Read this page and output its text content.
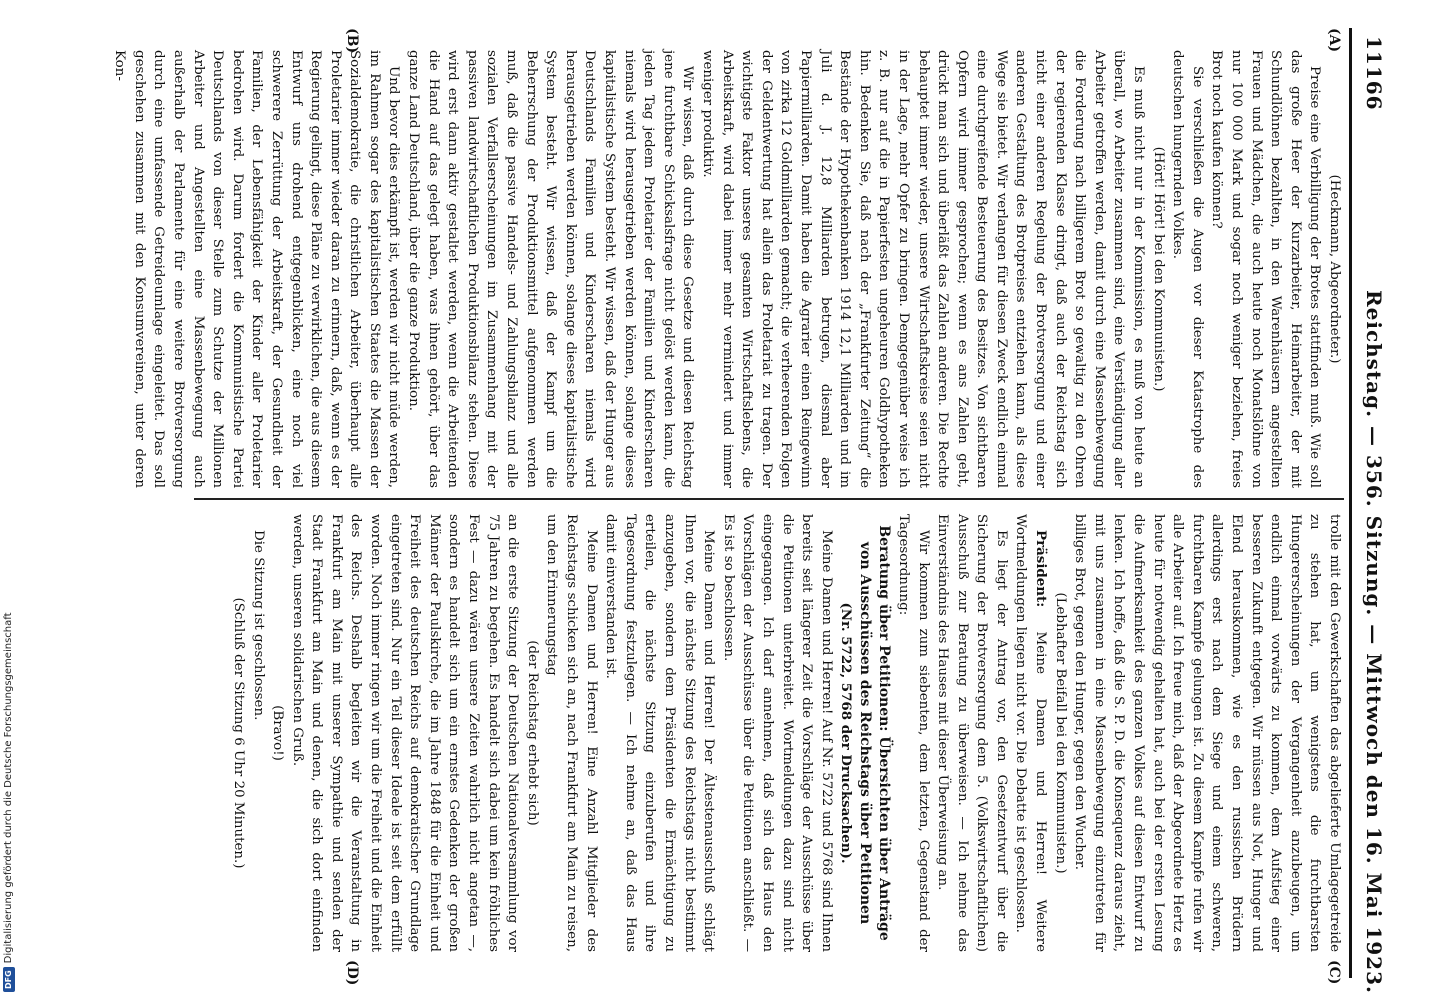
DFGDigitalisierung gefördert durch die Deutsche Forschungsgemeinschaft
11166
Reichstag. — 356. Sitzung. — Mittwoch den 16. Mai 1923.
(A)
(B)
(C)
(D)

(Heckmann, Abgeordneter.)

Preise eine Verbilligung der Brotes stattfinden muß. Wie soll das große Heer der Kurzarbeiter, Heimarbeiter, der mit Schundlöhnen bezahlten, in den Warenhäusern angestellten Frauen und Mädchen, die auch heute noch Monatslöhne von nur 100 000 Mark und sogar noch weniger beziehen, freies Brot noch kaufen können?

Sie verschließen die Augen vor dieser Katastrophe des deutschen hungernden Volkes.

(Hört! Hört! bei den Kommunisten.)

Es muß nicht nur in der Kommission, es muß von heute an überall, wo Arbeiter zusammen sind, eine Verständigung aller Arbeiter getroffen werden, damit durch eine Massenbewegung die Forderung nach billigerem Brot so gewaltig zu den Ohren der regierenden Klasse dringt, daß auch der Reichstag sich nicht einer anderen Regelung der Brotversorgung und einer anderen Gestaltung des Brotpreises entziehen kann, als diese Wege sie bietet. Wir verlangen für diesen Zweck endlich einmal eine durchgreifende Besteuerung des Besitzes. Von sichtbaren Opfern wird immer gesprochen; wenn es ans Zahlen geht, drückt man sich und überläßt das Zahlen anderen. Die Rechte behauptet immer wieder, unsere Wirtschaftskreise seien nicht in der Lage, mehr Opfer zu bringen. Demgegenüber weise ich z. B. nur auf die in Papierfesten ungeheuren Goldhypotheken hin. Bedenken Sie, daß nach der „Frankfurter Zeitung“ die Bestände der Hypothekenbanken 1914 12,1 Milliarden und im Juli d. J. 12,8 Milliarden betrugen, diesmal aber Papiermilliarden. Damit haben die Agrarier einen Reingewinn von zirka 12 Goldmilliarden gemacht; die verheerenden Folgen der Geldentwertung hat allein das Proletariat zu tragen. Der wichtigste Faktor unseres gesamten Wirtschaftslebens, die Arbeitskraft, wird dabei immer mehr vermindert und immer weniger produktiv.

Wir wissen, daß durch diese Gesetze und diesen Reichstag jene furchtbare Schicksalsfrage nicht gelöst werden kann, die jeden Tag jedem Proletarier der Familien und Kinderscharen niemals wird herausgetrieben werden können, solange dieses kapitalistische System besteht. Wir wissen, daß der Hunger aus Deutschlands Familien und Kinderscharen niemals wird herausgetrieben werden können, solange dieses kapitalistische System besteht. Wir wissen, daß der Kampf um die Beherrschung der Produktionsmittel aufgenommen werden muß, daß die passive Handels- und Zahlungsbilanz und alle sozialen Verfallserscheinungen im Zusammenhang mit der passiven landwirtschaftlichen Produktionsbilanz stehen. Diese wird erst dann aktiv gestaltet werden, wenn die Arbeitenden die Hand auf das gelegt haben, was ihnen gehört, über das ganze Land Deutschland, über die ganze Produktion.

Und bevor dies erkämpft ist, werden wir nicht müde werden, im Rahmen sogar des kapitalistischen Staates die Massen der Sozialdemokratie, die christlichen Arbeiter, überhaupt alle Proletarier immer wieder daran zu erinnern, daß, wenn es der Regierung gelingt, diese Pläne zu verwirklichen, die aus diesem Entwurf uns drohend entgegenblicken, eine noch viel schwerere Zerrüttung der Arbeitskraft, der Gesundheit der Familien, der Lebensfähigkeit der Kinder aller Proletarier bedrohen wird. Darum fordert die Kommunistische Partei Deutschlands von dieser Stelle zum Schutze der Millionen Arbeiter und Angestellten eine Massenbewegung auch außerhalb der Parlamente für eine weitere Brotversorgung durch eine umfassende Getreideumlage eingeleitet. Das soll geschehen zusammen mit den Konsumvereinen, unter deren Kon-

trolle mit den Gewerkschaften das abgelieferte Umlagegetreide zu stehen hat, um wenigstens die furchtbarsten Hungererscheinungen der Vergangenheit anzubeugen, um endlich einmal vorwärts zu kommen, dem Aufstieg einer besseren Zukunft entgegen. Wir müssen aus Not, Hunger und Elend herauskommen, wie es den russischen Brüdern allerdings erst nach dem Siege und einem schweren, furchtbaren Kampfe gelungen ist. Zu diesem Kampfe rufen wir alle Arbeiter auf. Ich freue mich, daß der Abgeordnete Hertz es heute für notwendig gehalten hat, auch bei der ersten Lesung die Aufmerksamkeit des ganzen Volkes auf diesen Entwurf zu lenken. Ich hoffe, daß die S. P. D. die Konsequenz daraus zieht, mit uns zusammen in eine Massenbewegung einzutreten für billiges Brot, gegen den Hunger, gegen den Wucher.

(Lebhafter Beifall bei den Kommunisten.)

Präsident: Meine Damen und Herren! Weitere Wortmeldungen liegen nicht vor. Die Debatte ist geschlossen.

Es liegt der Antrag vor, den Gesetzentwurf über die Sicherung der Brotversorgung dem 5. (Volkswirtschaftlichen) Ausschuß zur Beratung zu überweisen. — Ich nehme das Einverständnis des Hauses mit dieser Überweisung an.

Wir kommen zum siebenten, dem letzten, Gegenstand der Tagesordnung:

Beratung über Petitionen: Übersichten über Anträge von Ausschüssen des Reichstags über Petitionen

(Nr. 5722, 5768 der Drucksachen).

Meine Damen und Herren! Auf Nr. 5722 und 5768 sind Ihnen bereits seit längerer Zeit die Vorschläge der Ausschüsse über die Petitionen unterbreitet. Wortmeldungen dazu sind nicht eingegangen. Ich darf annehmen, daß sich das Haus den Vorschlägen der Ausschüsse über die Petitionen anschließt. — Es ist so beschlossen.

Meine Damen und Herren! Der Ältestenausschuß schlägt Ihnen vor, die nächste Sitzung des Reichstags nicht bestimmt anzugeben, sondern dem Präsidenten die Ermächtigung zu erteilen, die nächste Sitzung einzuberufen und ihre Tagesordnung festzulegen. — Ich nehme an, daß das Haus damit einverstanden ist.

Meine Damen und Herren! Eine Anzahl Mitglieder des Reichstags schicken sich an, nach Frankfurt am Main zu reisen, um den Erinnerungstag

(der Reichstag erhebt sich)

an die erste Sitzung der Deutschen Nationalversammlung vor 75 Jahren zu begehen. Es handelt sich dabei um kein fröhliches Fest — dazu wären unsere Zeiten wahrlich nicht angetan —, sondern es handelt sich um ein ernstes Gedenken der großen Männer der Paulskirche, die im Jahre 1848 für die Einheit und Freiheit des deutschen Reichs auf demokratischer Grundlage eingetreten sind. Nur ein Teil dieser Ideale ist seit dem erfüllt worden. Noch immer ringen wir um die Freiheit und die Einheit des Reichs. Deshalb begleiten wir die Veranstaltung in Frankfurt am Main mit unserer Sympathie und senden der Stadt Frankfurt am Main und denen, die sich dort einfinden werden, unseren solidarischen Gruß.

(Bravo!)

Die Sitzung ist geschlossen.

(Schluß der Sitzung 6 Uhr 20 Minuten.)
